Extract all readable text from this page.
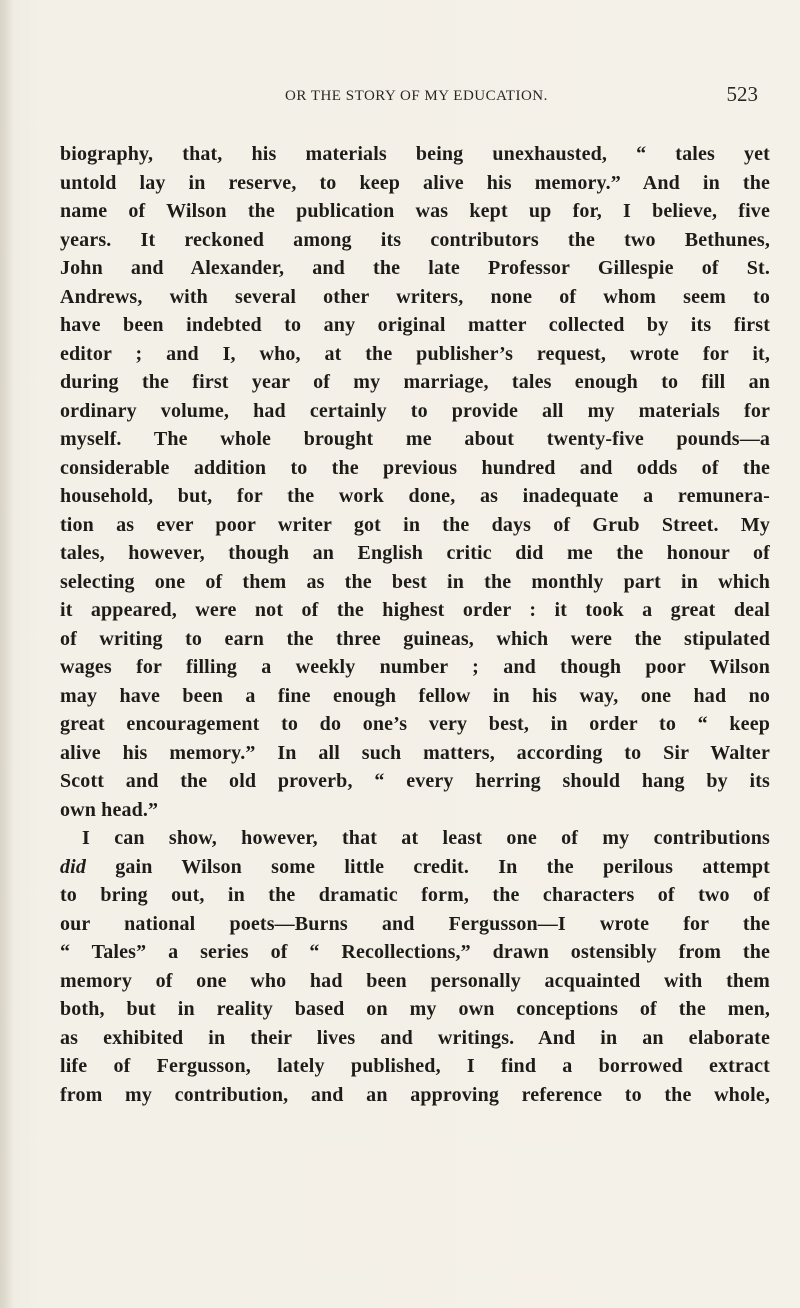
OR THE STORY OF MY EDUCATION.	523
biography, that, his materials being unexhausted, “ tales yet
untold lay in reserve, to keep alive his memory.” And in the
name of Wilson the publication was kept up for, I believe, five
years. It reckoned among its contributors the two Bethunes,
John and Alexander, and the late Professor Gillespie of St.
Andrews, with several other writers, none of whom seem to
have been indebted to any original matter collected by its first
editor ; and I, who, at the publisher’s request, wrote for it,
during the first year of my marriage, tales enough to fill an
ordinary volume, had certainly to provide all my materials for
myself. The whole brought me about twenty-five pounds—a
considerable addition to the previous hundred and odds of the
household, but, for the work done, as inadequate a remunera-
tion as ever poor writer got in the days of Grub Street. My
tales, however, though an English critic did me the honour of
selecting one of them as the best in the monthly part in which
it appeared, were not of the highest order : it took a great deal
of writing to earn the three guineas, which were the stipulated
wages for filling a weekly number ; and though poor Wilson
may have been a fine enough fellow in his way, one had no
great encouragement to do one’s very best, in order to “ keep
alive his memory.” In all such matters, according to Sir Walter
Scott and the old proverb, “ every herring should hang by its
own head.”
I can show, however, that at least one of my contributions
did gain Wilson some little credit. In the perilous attempt
to bring out, in the dramatic form, the characters of two of
our national poets—Burns and Fergusson—I wrote for the
“ Tales” a series of “ Recollections,” drawn ostensibly from the
memory of one who had been personally acquainted with them
both, but in reality based on my own conceptions of the men,
as exhibited in their lives and writings. And in an elaborate
life of Fergusson, lately published, I find a borrowed extract
from my contribution, and an approving reference to the whole,
